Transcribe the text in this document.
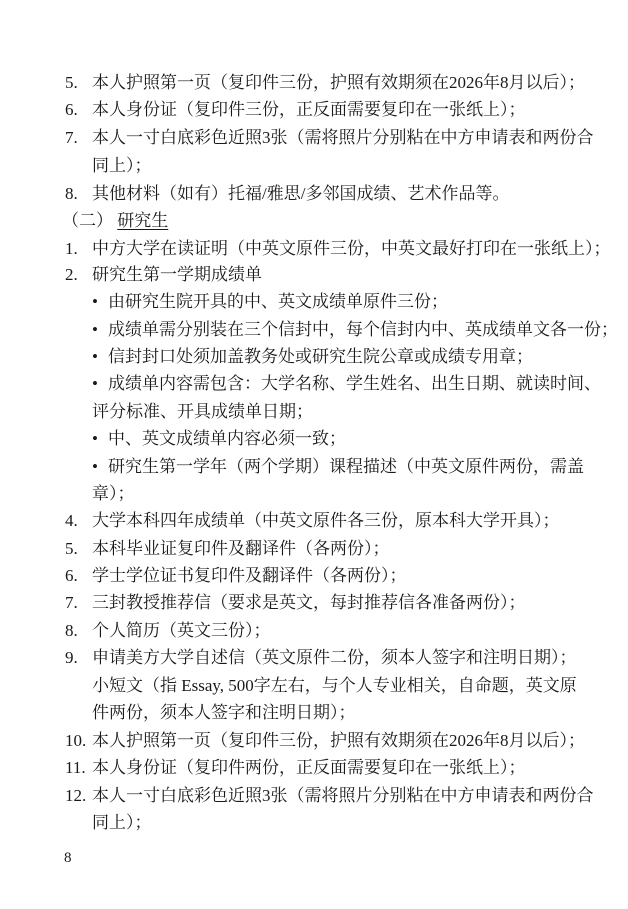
5. 本人护照第一页（复印件三份，护照有效期须在2026年8月以后）；
6. 本人身份证（复印件三份，正反面需要复印在一张纸上）；
7. 本人一寸白底彩色近照3张（需将照片分别粘在中方申请表和两份合
同上）；
8. 其他材料（如有）托福/雅思/多邻国成绩、艺术作品等。
（二） 研究生
1. 中方大学在读证明（中英文原件三份，中英文最好打印在一张纸上）；
2. 研究生第一学期成绩单
• 由研究生院开具的中、英文成绩单原件三份；
• 成绩单需分别装在三个信封中，每个信封内中、英成绩单文各一份；
• 信封封口处须加盖教务处或研究生院公章或成绩专用章；
• 成绩单内容需包含：大学名称、学生姓名、出生日期、就读时间、
评分标准、开具成绩单日期；
• 中、英文成绩单内容必须一致；
• 研究生第一学年（两个学期）课程描述（中英文原件两份，需盖
章）；
4. 大学本科四年成绩单（中英文原件各三份，原本科大学开具）；
5. 本科毕业证复印件及翻译件（各两份）；
6. 学士学位证书复印件及翻译件（各两份）；
7. 三封教授推荐信（要求是英文，每封推荐信各准备两份）；
8. 个人简历（英文三份）；
9. 申请美方大学自述信（英文原件二份，须本人签字和注明日期）；
小短文（指 Essay, 500字左右，与个人专业相关，自命题，英文原
件两份，须本人签字和注明日期）；
10. 本人护照第一页（复印件三份，护照有效期须在2026年8月以后）；
11. 本人身份证（复印件两份，正反面需要复印在一张纸上）；
12. 本人一寸白底彩色近照3张（需将照片分别粘在中方申请表和两份合
同上）；
8
